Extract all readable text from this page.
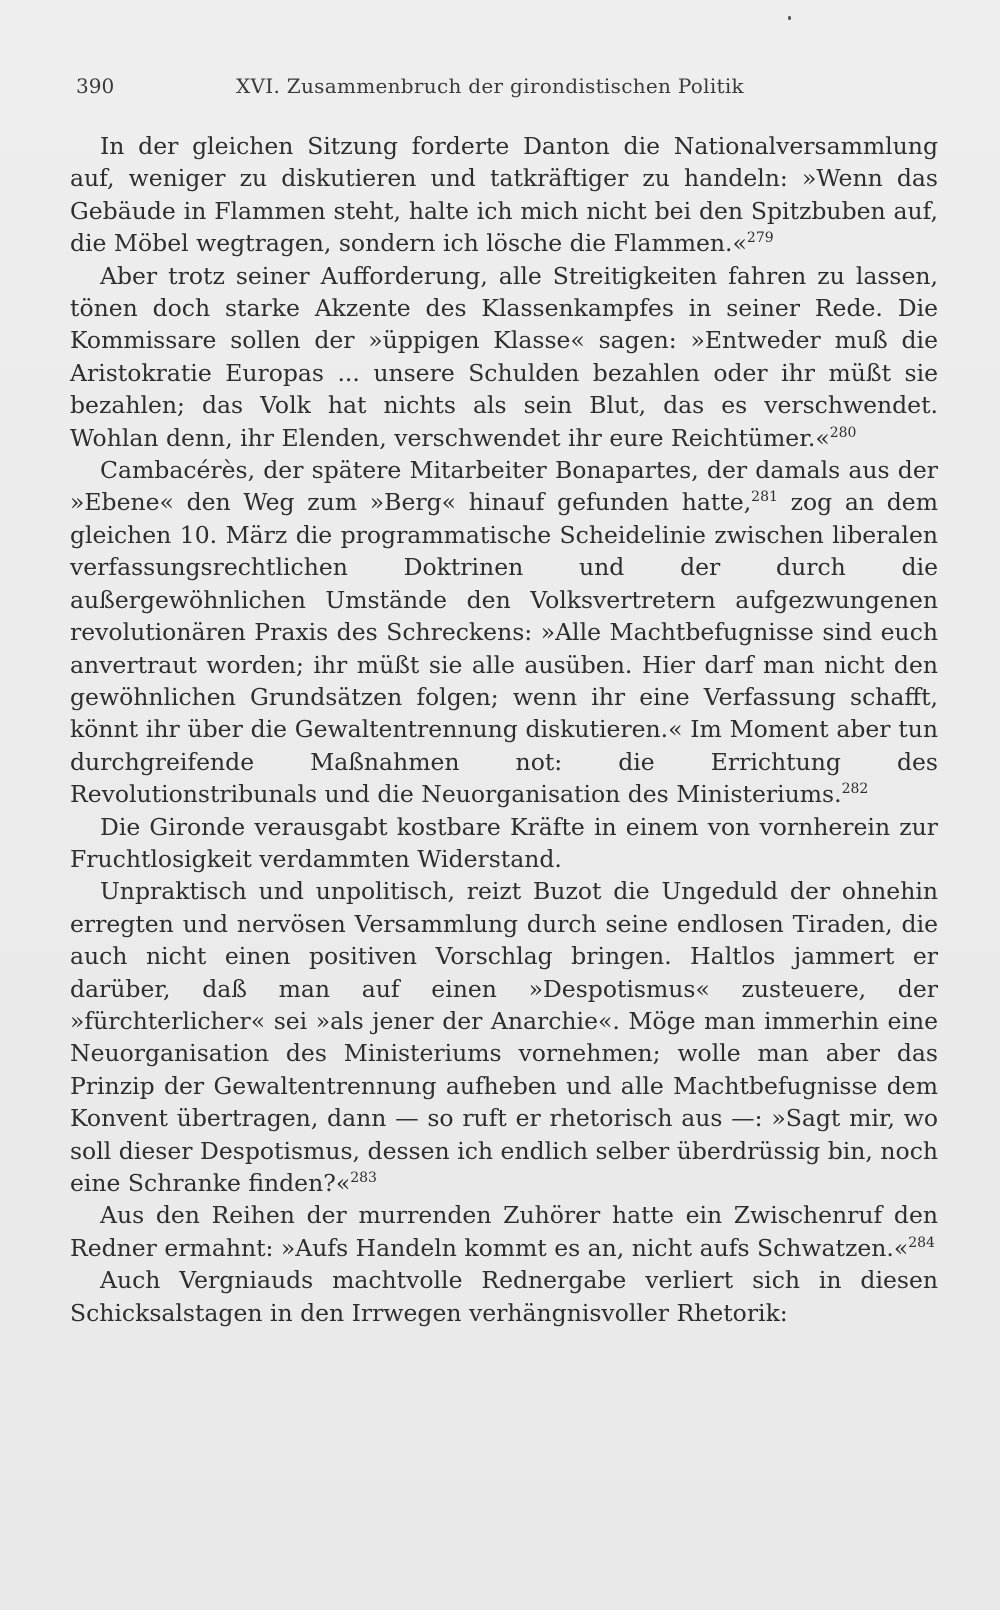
390	XVI. Zusammenbruch der girondistischen Politik

In der gleichen Sitzung forderte Danton die Nationalversammlung auf, weniger zu diskutieren und tatkräftiger zu handeln: »Wenn das Gebäude in Flammen steht, halte ich mich nicht bei den Spitzbuben auf, die Möbel wegtragen, sondern ich lösche die Flammen.«$^{279}$

Aber trotz seiner Aufforderung, alle Streitigkeiten fahren zu lassen, tönen doch starke Akzente des Klassenkampfes in seiner Rede. Die Kommissare sollen der »üppigen Klasse« sagen: »Entweder muß die Aristokratie Europas ... unsere Schulden bezahlen oder ihr müßt sie bezahlen; das Volk hat nichts als sein Blut, das es verschwendet. Wohlan denn, ihr Elenden, verschwendet ihr eure Reichtümer.«$^{280}$

Cambacérès, der spätere Mitarbeiter Bonapartes, der damals aus der »Ebene« den Weg zum »Berg« hinauf gefunden hatte,$^{281}$ zog an dem gleichen 10. März die programmatische Scheidelinie zwischen liberalen verfassungsrechtlichen Doktrinen und der durch die außergewöhnlichen Umstände den Volksvertretern aufgezwungenen revolutionären Praxis des Schreckens: »Alle Machtbefugnisse sind euch anvertraut worden; ihr müßt sie alle ausüben. Hier darf man nicht den gewöhnlichen Grundsätzen folgen; wenn ihr eine Verfassung schafft, könnt ihr über die Gewaltentrennung diskutieren.« Im Moment aber tun durchgreifende Maßnahmen not: die Errichtung des Revolutionstribunals und die Neuorganisation des Ministeriums.$^{282}$

Die Gironde verausgabt kostbare Kräfte in einem von vornherein zur Fruchtlosigkeit verdammten Widerstand.

Unpraktisch und unpolitisch, reizt Buzot die Ungeduld der ohnehin erregten und nervösen Versammlung durch seine endlosen Tiraden, die auch nicht einen positiven Vorschlag bringen. Haltlos jammert er darüber, daß man auf einen »Despotismus« zusteuere, der »fürchterlicher« sei »als jener der Anarchie«. Möge man immerhin eine Neuorganisation des Ministeriums vornehmen; wolle man aber das Prinzip der Gewaltentrennung aufheben und alle Machtbefugnisse dem Konvent übertragen, dann — so ruft er rhetorisch aus —: »Sagt mir, wo soll dieser Despotismus, dessen ich endlich selber überdrüssig bin, noch eine Schranke finden?«$^{283}$

Aus den Reihen der murrenden Zuhörer hatte ein Zwischenruf den Redner ermahnt: »Aufs Handeln kommt es an, nicht aufs Schwatzen.«$^{284}$

Auch Vergniauds machtvolle Rednergabe verliert sich in diesen Schicksalstagen in den Irrwegen verhängnisvoller Rhetorik:
